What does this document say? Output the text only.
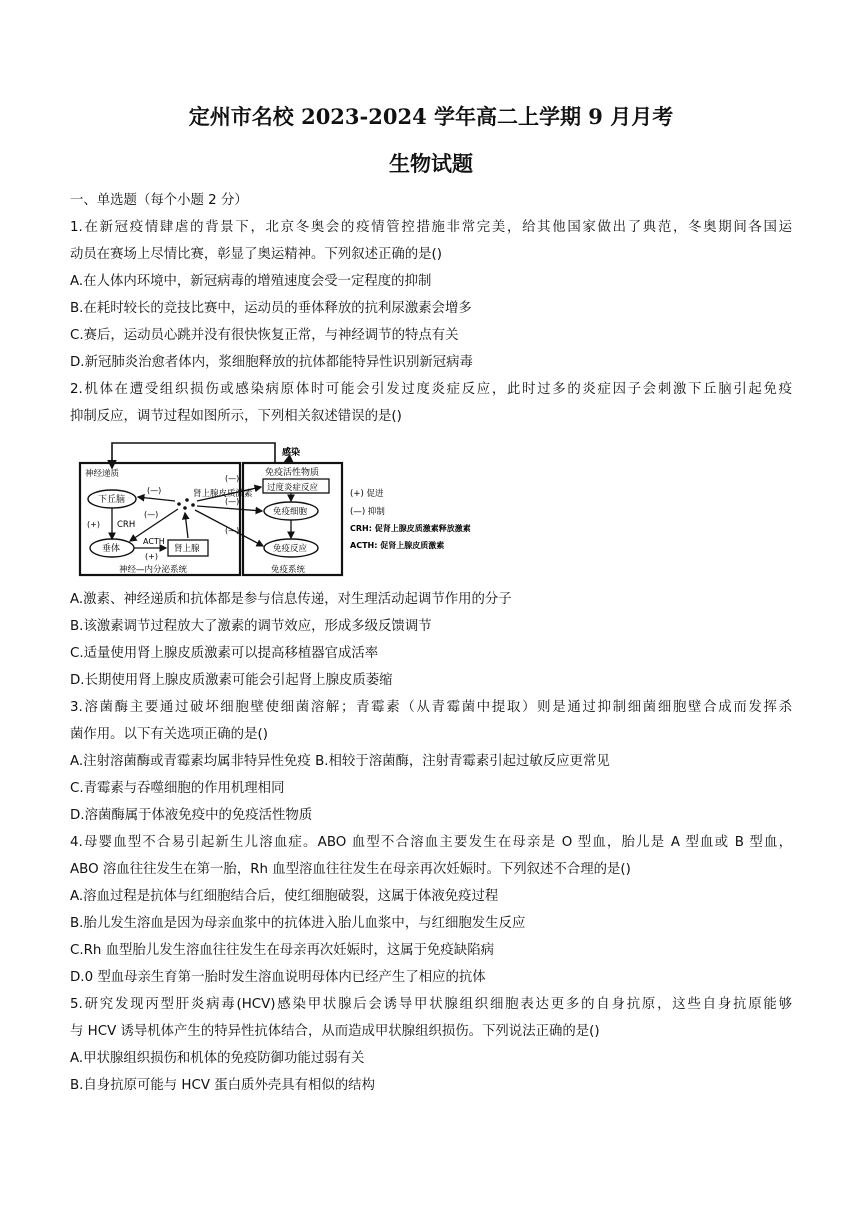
定州市名校 2023-2024 学年高二上学期 9 月月考
生物试题
一、单选题（每个小题 2 分）
1.在新冠疫情肆虐的背景下，北京冬奥会的疫情管控措施非常完美，给其他国家做出了典范，冬奥期间各国运
动员在赛场上尽情比赛，彰显了奥运精神。下列叙述正确的是()
A.在人体内环境中，新冠病毒的增殖速度会受一定程度的抑制
B.在耗时较长的竞技比赛中，运动员的垂体释放的抗利尿激素会增多
C.赛后，运动员心跳并没有很快恢复正常，与神经调节的特点有关
D.新冠肺炎治愈者体内，浆细胞释放的抗体都能特异性识别新冠病毒
2.机体在遭受组织损伤或感染病原体时可能会引发过度炎症反应，此时过多的炎症因子会刺激下丘脑引起免疫
抑制反应，调节过程如图所示，下列相关叙述错误的是()
感染
免疫活性物质
过度炎症反应
免疫细胞
免疫反应
免疫系统
神经递质
下丘脑
(+) CRH
垂体
ACTH
(+)
肾上腺
神经—内分泌系统
肾上腺皮质激素
(—)
(—)
(—)
(—)
(—)
(+) 促进
(—) 抑制
CRH: 促肾上腺皮质激素释放激素
ACTH: 促肾上腺皮质激素
A.激素、神经递质和抗体都是参与信息传递，对生理活动起调节作用的分子
B.该激素调节过程放大了激素的调节效应，形成多级反馈调节
C.适量使用肾上腺皮质激素可以提高移植器官成活率
D.长期使用肾上腺皮质激素可能会引起肾上腺皮质萎缩
3.溶菌酶主要通过破坏细胞壁使细菌溶解；青霉素（从青霉菌中提取）则是通过抑制细菌细胞壁合成而发挥杀
菌作用。以下有关选项正确的是()
A.注射溶菌酶或青霉素均属非特异性免疫 B.相较于溶菌酶，注射青霉素引起过敏反应更常见
C.青霉素与吞噬细胞的作用机理相同
D.溶菌酶属于体液免疫中的免疫活性物质
4.母婴血型不合易引起新生儿溶血症。ABO 血型不合溶血主要发生在母亲是 O 型血，胎儿是 A 型血或 B 型血，
ABO 溶血往往发生在第一胎，Rh 血型溶血往往发生在母亲再次妊娠时。下列叙述不合理的是()
A.溶血过程是抗体与红细胞结合后，使红细胞破裂，这属于体液免疫过程
B.胎儿发生溶血是因为母亲血浆中的抗体进入胎儿血浆中，与红细胞发生反应
C.Rh 血型胎儿发生溶血往往发生在母亲再次妊娠时，这属于免疫缺陷病
D.0 型血母亲生育第一胎时发生溶血说明母体内已经产生了相应的抗体
5.研究发现丙型肝炎病毒(HCV)感染甲状腺后会诱导甲状腺组织细胞表达更多的自身抗原，这些自身抗原能够
与 HCV 诱导机体产生的特异性抗体结合，从而造成甲状腺组织损伤。下列说法正确的是()
A.甲状腺组织损伤和机体的免疫防御功能过弱有关
B.自身抗原可能与 HCV 蛋白质外壳具有相似的结构
